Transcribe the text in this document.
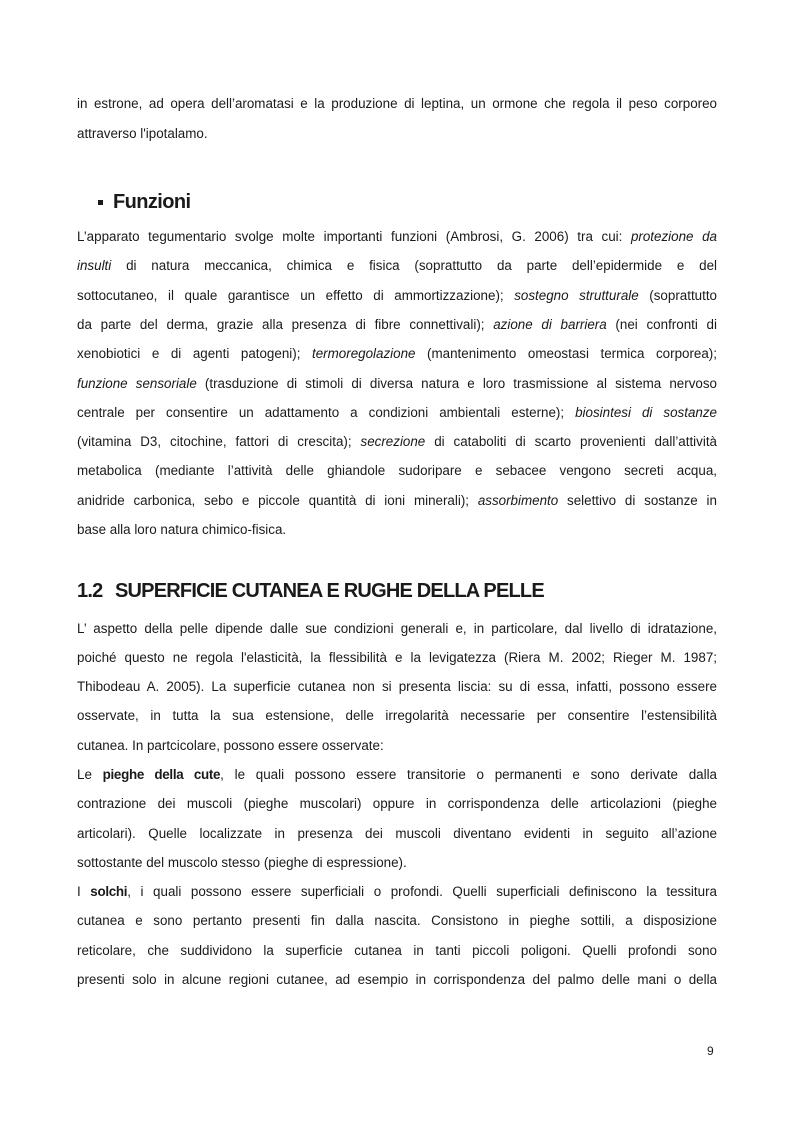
in estrone, ad opera dell’aromatasi e la produzione di leptina, un ormone che regola il peso corporeo
attraverso l'ipotalamo.
Funzioni
L’apparato tegumentario svolge molte importanti funzioni (Ambrosi, G. 2006) tra cui: protezione da
insulti di natura meccanica, chimica e fisica (soprattutto da parte dell’epidermide e del
sottocutaneo, il quale garantisce un effetto di ammortizzazione); sostegno strutturale (soprattutto
da parte del derma, grazie alla presenza di fibre connettivali); azione di barriera (nei confronti di
xenobiotici e di agenti patogeni); termoregolazione (mantenimento omeostasi termica corporea);
funzione sensoriale (trasduzione di stimoli di diversa natura e loro trasmissione al sistema nervoso
centrale per consentire un adattamento a condizioni ambientali esterne); biosintesi di sostanze
(vitamina D3, citochine, fattori di crescita); secrezione di cataboliti di scarto provenienti dall’attività
metabolica (mediante l’attività delle ghiandole sudoripare e sebacee vengono secreti acqua,
anidride carbonica, sebo e piccole quantità di ioni minerali); assorbimento selettivo di sostanze in
base alla loro natura chimico-fisica.
1.2 SUPERFICIE CUTANEA E RUGHE DELLA PELLE
L’ aspetto della pelle dipende dalle sue condizioni generali e, in particolare, dal livello di idratazione,
poiché questo ne regola l'elasticità, la flessibilità e la levigatezza (Riera M. 2002; Rieger M. 1987;
Thibodeau A. 2005). La superficie cutanea non si presenta liscia: su di essa, infatti, possono essere
osservate, in tutta la sua estensione, delle irregolarità necessarie per consentire l’estensibilità
cutanea. In partcicolare, possono essere osservate:
Le pieghe della cute, le quali possono essere transitorie o permanenti e sono derivate dalla
contrazione dei muscoli (pieghe muscolari) oppure in corrispondenza delle articolazioni (pieghe
articolari). Quelle localizzate in presenza dei muscoli diventano evidenti in seguito all’azione
sottostante del muscolo stesso (pieghe di espressione).
I solchi, i quali possono essere superficiali o profondi. Quelli superficiali definiscono la tessitura
cutanea e sono pertanto presenti fin dalla nascita. Consistono in pieghe sottili, a disposizione
reticolare, che suddividono la superficie cutanea in tanti piccoli poligoni. Quelli profondi sono
presenti solo in alcune regioni cutanee, ad esempio in corrispondenza del palmo delle mani o della
9
